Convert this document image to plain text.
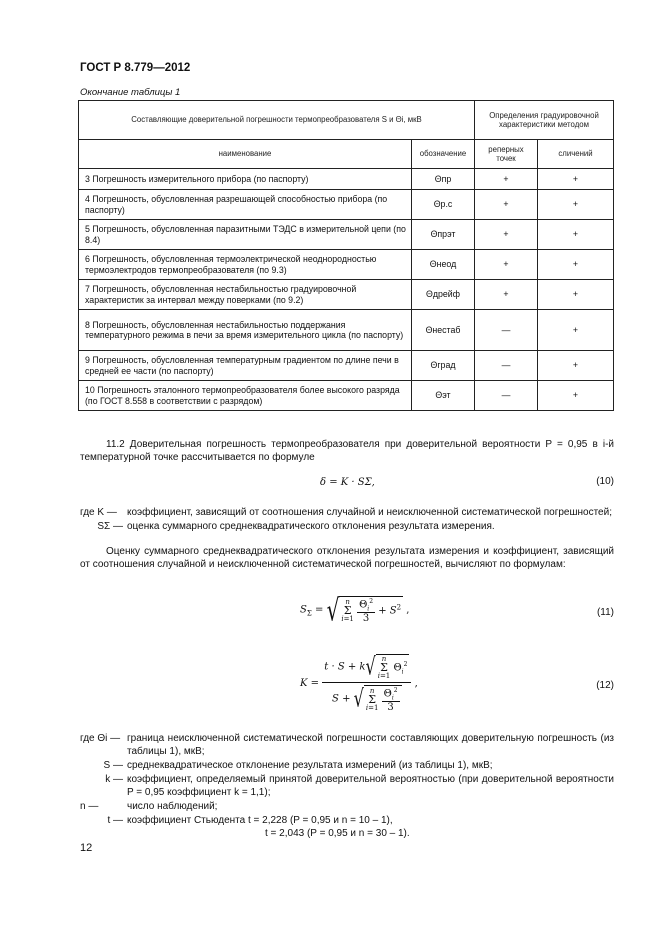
ГОСТ Р 8.779—2012
Окончание таблицы 1
Составляющие доверительной погрешности термопреобразователя S и Θi, мкВ		Определения градуировочной характеристики методом	
наименование	обозначение	реперных точек	сличений
3 Погрешность измерительного прибора (по паспорту)	Θпр	+	+
4 Погрешность, обусловленная разрешающей способностью прибора (по паспорту)	Θр.с	+	+
5 Погрешность, обусловленная паразитными ТЭДС в измерительной цепи (по 8.4)	Θпрэт	+	+
6 Погрешность, обусловленная термоэлектрической неоднородностью термоэлектродов термопреобразователя (по 9.3)	Θнеод	+	+
7 Погрешность, обусловленная нестабильностью градуировочной характеристик за интервал между поверками (по 9.2)	Θдрейф	+	+
8 Погрешность, обусловленная нестабильностью поддержания температурного режима в печи за время измерительного цикла (по паспорту)	Θнестаб	—	+
9 Погрешность, обусловленная температурным градиентом по длине печи в средней ее части (по паспорту)	Θград	—	+
10 Погрешность эталонного термопреобразователя более высокого разряда (по ГОСТ 8.558 в соответствии с разрядом)	Θэт	—	+
11.2 Доверительная погрешность термопреобразователя при доверительной вероятности P = 0,95 в i-й температурной точке рассчитывается по формуле
δ = K · SΣ,	(10)
где K —	коэффициент, зависящий от соотношения случайной и неисключенной систематической погрешностей;
SΣ — оценка суммарного среднеквадратического отклонения результата измерения.
Оценку суммарного среднеквадратического отклонения результата измерения и коэффициент, зависящий от соотношения случайной и неисключенной систематической погрешностей, вычисляют по формулам:
$S_\Sigma$ = √ n
Σ
$i=1 \frac{\Theta_i^2}{3} + S^2$ ,	(11)
K = t · S + k√ n
Σ
i=1 $\Theta_i^2$
S + √ n
Σ
$i=1 \frac{\Theta_i^2}{3}$ ,	(12)
где Θi — граница неисключенной систематической погрешности составляющих доверительную погрешность (из таблицы 1), мкВ;
S — среднеквадратическое отклонение результата измерений (из таблицы 1), мкВ;
k — коэффициент, определяемый принятой доверительной вероятностью (при доверительной вероятности P = 0,95 коэффициент k = 1,1);
n —	число наблюдений;
t — коэффициент Стьюдента t = 2,228 (P = 0,95 и n = 10 – 1),
t = 2,043 (P = 0,95 и n = 30 – 1).
12
